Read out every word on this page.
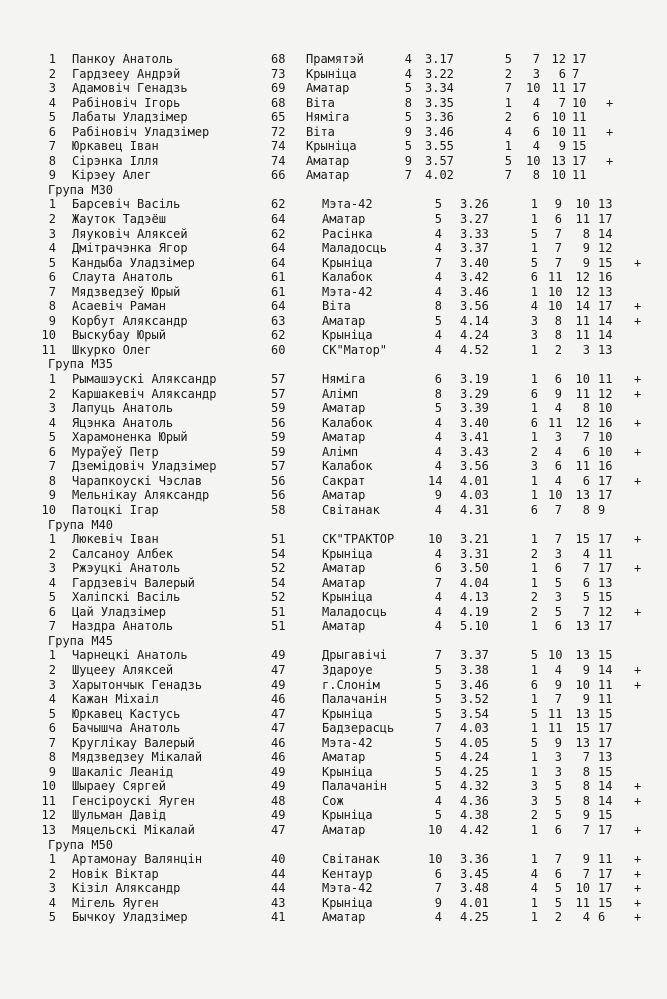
1 Панкоу Анатоль	68 Прамятэй	4 3.17	5	7 12 17
2 Гардзееу Андрэй	73 Крыніца	4 3.22	2	3	6 7
3 Адамовіч Генадзь	69 Аматар	5 3.34	7 10 11 17
4 Рабіновіч Ігорь	68 Віта	8 3.35	1	4	7 10	+
5 Лабаты Уладзімер	65 Няміга	5 3.36	2	6 10 11
6 Рабіновіч Уладзімер	72 Віта	9 3.46	4	6 10 11	+
7 Юркавец Іван	74 Крыніца	5 3.55	1	4	9 15
8 Сірэнка Ілля	74 Аматар	9 3.57	5 10 13 17	+
9 Кірэеу Алег	66 Аматар	7 4.02	7	8 10 11
Група М30
1 Барсевіч Васіль	62	Мэта-42	5 3.26	1	9 10 13
2 Жауток Тадэёш	64	Аматар	5 3.27	1	6 11 17
3 Ляуковіч Аляксей	62	Расінка	4 3.33	5	7	8 14
4 Дмітрачэнка Ягор	64	Маладосць	4 3.37	1	7	9 12
5 Кандыба Уладзімер	64	Крыніца	7 3.40	5	7	9 15	+
6 Слаута Анатоль	61	Калабок	4 3.42	6 11 12 16
7 Мядзведзеў Юрый	61	Мэта-42	4 3.46	1 10 12 13
8 Асаевіч Раман	64	Віта	8 3.56	4 10 14 17	+
9 Корбут Аляксандр	63	Аматар	5 4.14	3	8 11 14	+
10 Выскубау Юрый	62	Крыніца	4 4.24	3	8 11 14
11 Шкурко Олег	60	СК"Матор"	4 4.52	1	2	3 13
Група М35
1 Рымашэускі Аляксандр	57	Няміга	6 3.19	1	6 10 11	+
2 Каршакевіч Аляксандр	57	Алімп	8 3.29	6	9 11 12	+
3 Лапуць Анатоль	59	Аматар	5 3.39	1	4	8 10
4 Яцэнка Анатоль	56	Калабок	4 3.40	6 11 12 16	+
5 Харамоненка Юрый	59	Аматар	4 3.41	1	3	7 10
6 Мураўеў Петр	59	Алімп	4 3.43	2	4	6 10	+
7 Дземідовіч Уладзімер	57	Калабок	4 3.56	3	6 11 16
8 Чарапкоускі Чэслав	56	Сакрат	14 4.01	1	4	6 17	+
9 Мельнікау Аляксандр	56	Аматар	9 4.03	1 10 13 17
10 Патоцкі Ігар	58	Світанак	4 4.31	6	7	8 9
Група М40
1 Люкевіч Іван	51	СК"ТРАКТОР	10 3.21	1	7 15 17	+
2 Салсаноу Албек	54	Крыніца	4 3.31	2	3	4 11
3 Ржэуцкі Анатоль	52	Аматар	6 3.50	1	6	7 17	+
4 Гардзевіч Валерый	54	Аматар	7 4.04	1	5	6 13
5 Халіпскі Васіль	52	Крыніца	4 4.13	2	3	5 15
6 Цай Уладзімер	51	Маладосць	4 4.19	2	5	7 12	+
7 Наздра Анатоль	51	Аматар	4 5.10	1	6 13 17
Група М45
1 Чарнецкі Анатоль	49	Дрыгавічі	7 3.37	5 10 13 15
2 Шуцееу Аляксей	47	Здароуе	5 3.38	1	4	9 14	+
3 Харытончык Генадзь	49	г.Слонім	5 3.46	6	9 10 11	+
4 Кажан Міхаіл	46	Палачанін	5 3.52	1	7	9 11
5 Юркавец Кастусь	47	Крыніца	5 3.54	5 11 13 15
6 Бачышча Анатоль	47	Бадзерасць	7 4.03	1 11 15 17
7 Круглікау Валерый	46	Мэта-42	5 4.05	5	9 13 17
8 Мядзведзеу Мікалай	46	Аматар	5 4.24	1	3	7 13
9 Шакаліс Леанід	49	Крыніца	5 4.25	1	3	8 15
10 Шыраеу Сяргей	49	Палачанін	5 4.32	3	5	8 14	+
11 Генсіроускі Яуген	48	Сож	4 4.36	3	5	8 14	+
12 Шульман Давід	49	Крыніца	5 4.38	2	5	9 15
13 Мяцельскі Мікалай	47	Аматар	10 4.42	1	6	7 17	+
Група М50
1 Артамонау Валянцін	40	Світанак	10 3.36	1	7	9 11	+
2 Новік Віктар	44	Кентаур	6 3.45	4	6	7 17	+
3 Кізіл Аляксандр	44	Мэта-42	7 3.48	4	5 10 17	+
4 Мігель Яуген	43	Крыніца	9 4.01	1	5 11 15	+
5 Бычкоу Уладзімер	41	Аматар	4 4.25	1	2	4 6	+
